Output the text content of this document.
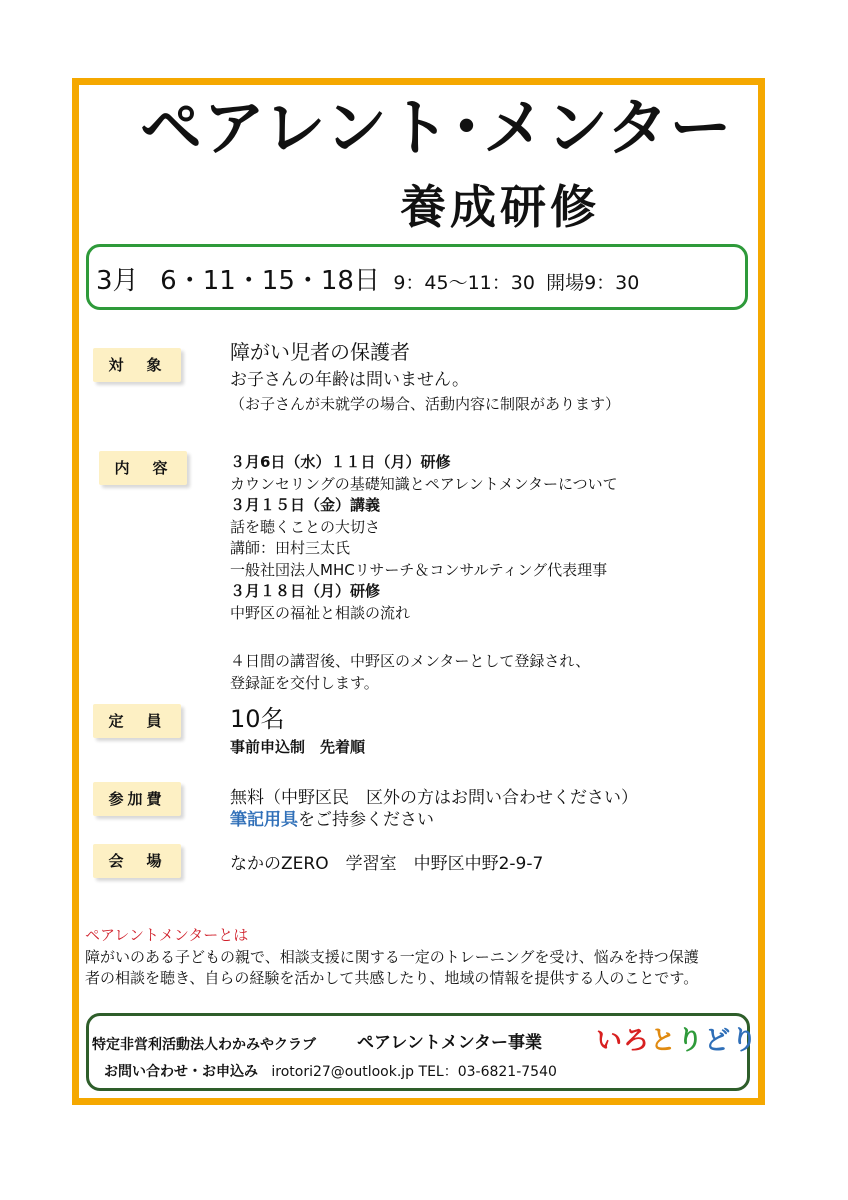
ペアレント･メンター
養成研修
3月 6・11・15・18日 9：45～11：30 開場9：30
対　象
障がい児者の保護者
お子さんの年齢は問いません。
（お子さんが未就学の場合、活動内容に制限があります）
内　容	３月6日（水）１１日（月）研修
カウンセリングの基礎知識とペアレントメンターについて
３月１５日（金）講義
話を聴くことの大切さ
講師：田村三太氏
一般社団法人MHCリサーチ＆コンサルティング代表理事
３月１８日（月）研修
中野区の福祉と相談の流れ
４日間の講習後、中野区のメンターとして登録され、
登録証を交付します。
定　員	10名
事前申込制　先着順
参加費	無料（中野区民　区外の方はお問い合わせください）
筆記用具をご持参ください
会　場	なかのZERO　学習室　中野区中野2-9-7
ペアレントメンターとは
障がいのある子どもの親で、相談支援に関する一定のトレーニングを受け、悩みを持つ保護
者の相談を聴き、自らの経験を活かして共感したり、地域の情報を提供する人のことです。
特定非営利活動法人わかみやクラブ ペアレントメンター事業 いろとりどり
お問い合わせ・お申込み irotori27@outlook.jp TEL：03-6821-7540
